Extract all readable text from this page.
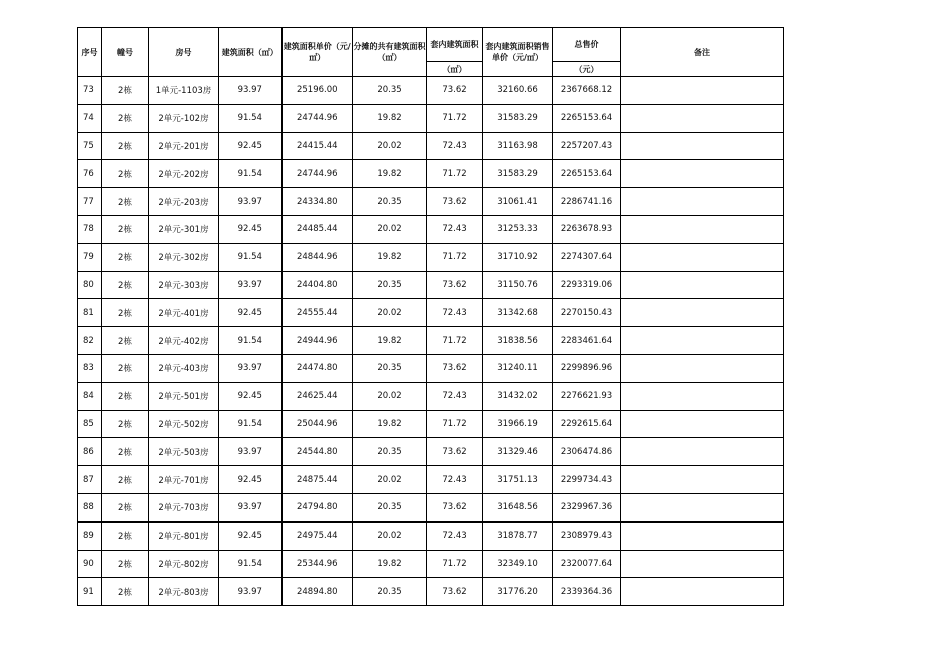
序号	幢号	房号	建筑面积（㎡）	建筑面积单价（元/㎡）	分摊的共有建筑面积（㎡）	套内建筑面积	套内建筑面积销售单价（元/㎡）	总售价	备注
						（㎡）		（元）	
73	2栋	1单元-1103房	93.97	25196.00	20.35	73.62	32160.66	2367668.12	
74	2栋	2单元-102房	91.54	24744.96	19.82	71.72	31583.29	2265153.64	
75	2栋	2单元-201房	92.45	24415.44	20.02	72.43	31163.98	2257207.43	
76	2栋	2单元-202房	91.54	24744.96	19.82	71.72	31583.29	2265153.64	
77	2栋	2单元-203房	93.97	24334.80	20.35	73.62	31061.41	2286741.16	
78	2栋	2单元-301房	92.45	24485.44	20.02	72.43	31253.33	2263678.93	
79	2栋	2单元-302房	91.54	24844.96	19.82	71.72	31710.92	2274307.64	
80	2栋	2单元-303房	93.97	24404.80	20.35	73.62	31150.76	2293319.06	
81	2栋	2单元-401房	92.45	24555.44	20.02	72.43	31342.68	2270150.43	
82	2栋	2单元-402房	91.54	24944.96	19.82	71.72	31838.56	2283461.64	
83	2栋	2单元-403房	93.97	24474.80	20.35	73.62	31240.11	2299896.96	
84	2栋	2单元-501房	92.45	24625.44	20.02	72.43	31432.02	2276621.93	
85	2栋	2单元-502房	91.54	25044.96	19.82	71.72	31966.19	2292615.64	
86	2栋	2单元-503房	93.97	24544.80	20.35	73.62	31329.46	2306474.86	
87	2栋	2单元-701房	92.45	24875.44	20.02	72.43	31751.13	2299734.43	
88	2栋	2单元-703房	93.97	24794.80	20.35	73.62	31648.56	2329967.36	
89	2栋	2单元-801房	92.45	24975.44	20.02	72.43	31878.77	2308979.43	
90	2栋	2单元-802房	91.54	25344.96	19.82	71.72	32349.10	2320077.64	
91	2栋	2单元-803房	93.97	24894.80	20.35	73.62	31776.20	2339364.36	
